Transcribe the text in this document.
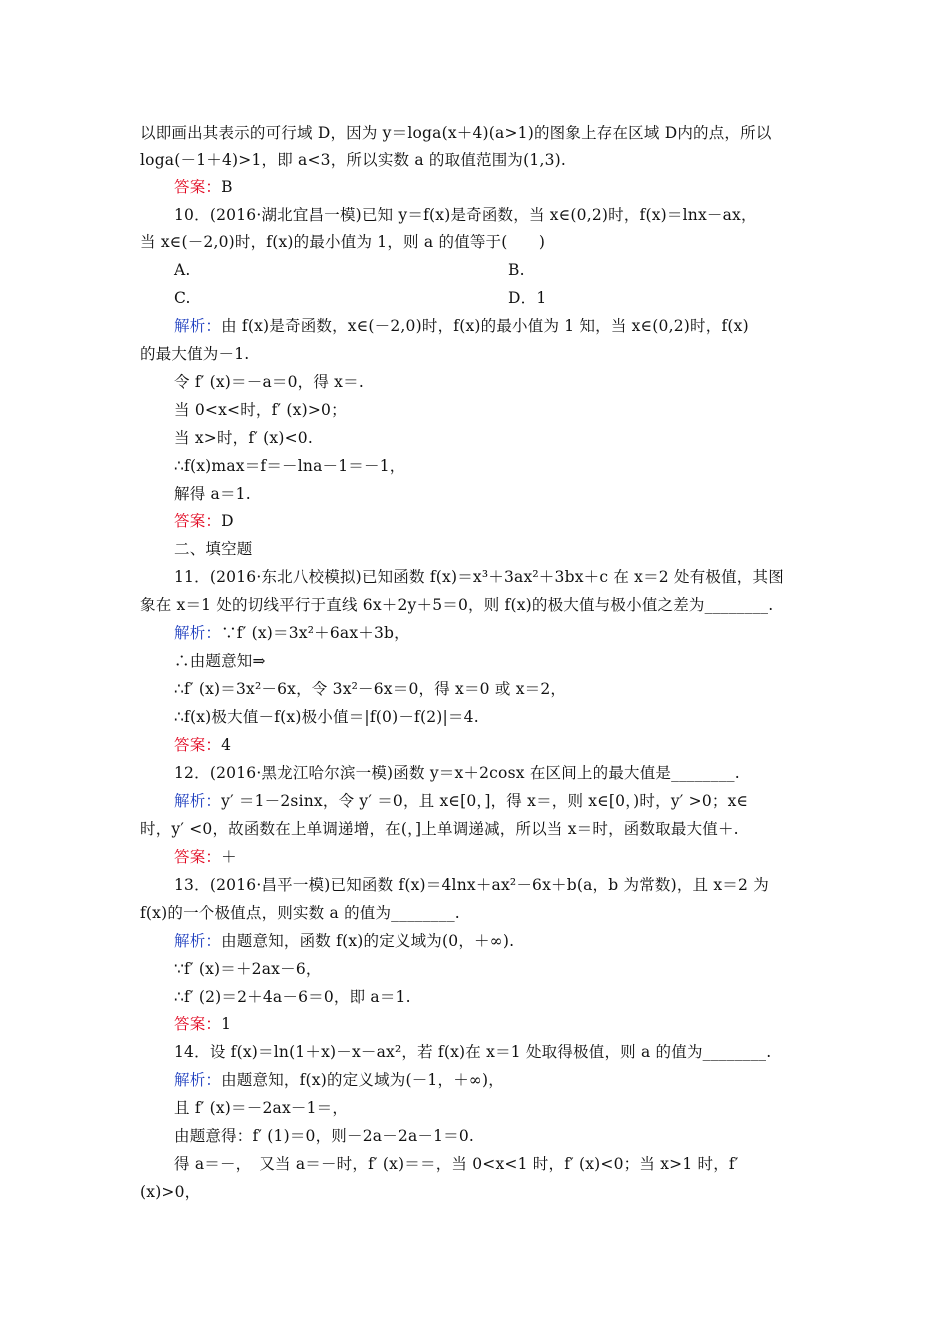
以即画出其表示的可行域 D，因为 y＝loga(x＋4)(a>1)的图象上存在区域 D内的点，所以
loga(－1＋4)>1，即 a<3，所以实数 a 的取值范围为(1,3).
答案：B
10．(2016·湖北宜昌一模)已知 y＝f(x)是奇函数，当 x∈(0,2)时，f(x)＝lnx－ax，
当 x∈(－2,0)时，f(x)的最小值为 1，则 a 的值等于(　　)
A.	B.
C.	D．1
解析：由 f(x)是奇函数，x∈(－2,0)时，f(x)的最小值为 1 知，当 x∈(0,2)时，f(x)
的最大值为－1.
令 f′ (x)＝－a＝0，得 x＝.
当 0<x<时，f′ (x)>0；
当 x>时，f′ (x)<0.
∴f(x)max＝f＝－lna－1＝－1，
解得 a＝1.
答案：D
二、填空题
11．(2016·东北八校模拟)已知函数 f(x)＝x³＋3ax²＋3bx＋c 在 x＝2 处有极值，其图
象在 x＝1 处的切线平行于直线 6x＋2y＋5＝0，则 f(x)的极大值与极小值之差为________.
解析：∵f′ (x)＝3x²＋6ax＋3b，
∴由题意知⇒
∴f′ (x)＝3x²－6x，令 3x²－6x＝0，得 x＝0 或 x＝2，
∴f(x)极大值－f(x)极小值＝|f(0)－f(2)|＝4.
答案：4
12．(2016·黑龙江哈尔滨一模)函数 y＝x＋2cosx 在区间上的最大值是________.
解析：y′ ＝1－2sinx，令 y′ ＝0，且 x∈[0，]，得 x＝，则 x∈[0，)时，y′ >0；x∈
时，y′ <0，故函数在上单调递增，在(，]上单调递减，所以当 x＝时，函数取最大值＋.
答案：＋
13．(2016·昌平一模)已知函数 f(x)＝4lnx＋ax²－6x＋b(a，b 为常数)，且 x＝2 为
f(x)的一个极值点，则实数 a 的值为________.
解析：由题意知，函数 f(x)的定义域为(0，＋∞).
∵f′ (x)＝＋2ax－6，
∴f′ (2)＝2＋4a－6＝0，即 a＝1.
答案：1
14．设 f(x)＝ln(1＋x)－x－ax²，若 f(x)在 x＝1 处取得极值，则 a 的值为________.
解析：由题意知，f(x)的定义域为(－1，＋∞)，
且 f′ (x)＝－2ax－1＝，
由题意得：f′ (1)＝0，则－2a－2a－1＝0.
得 a＝－，　又当 a＝－时，f′ (x)＝＝，当 0<x<1 时，f′ (x)<0；当 x>1 时，f′
(x)>0，
